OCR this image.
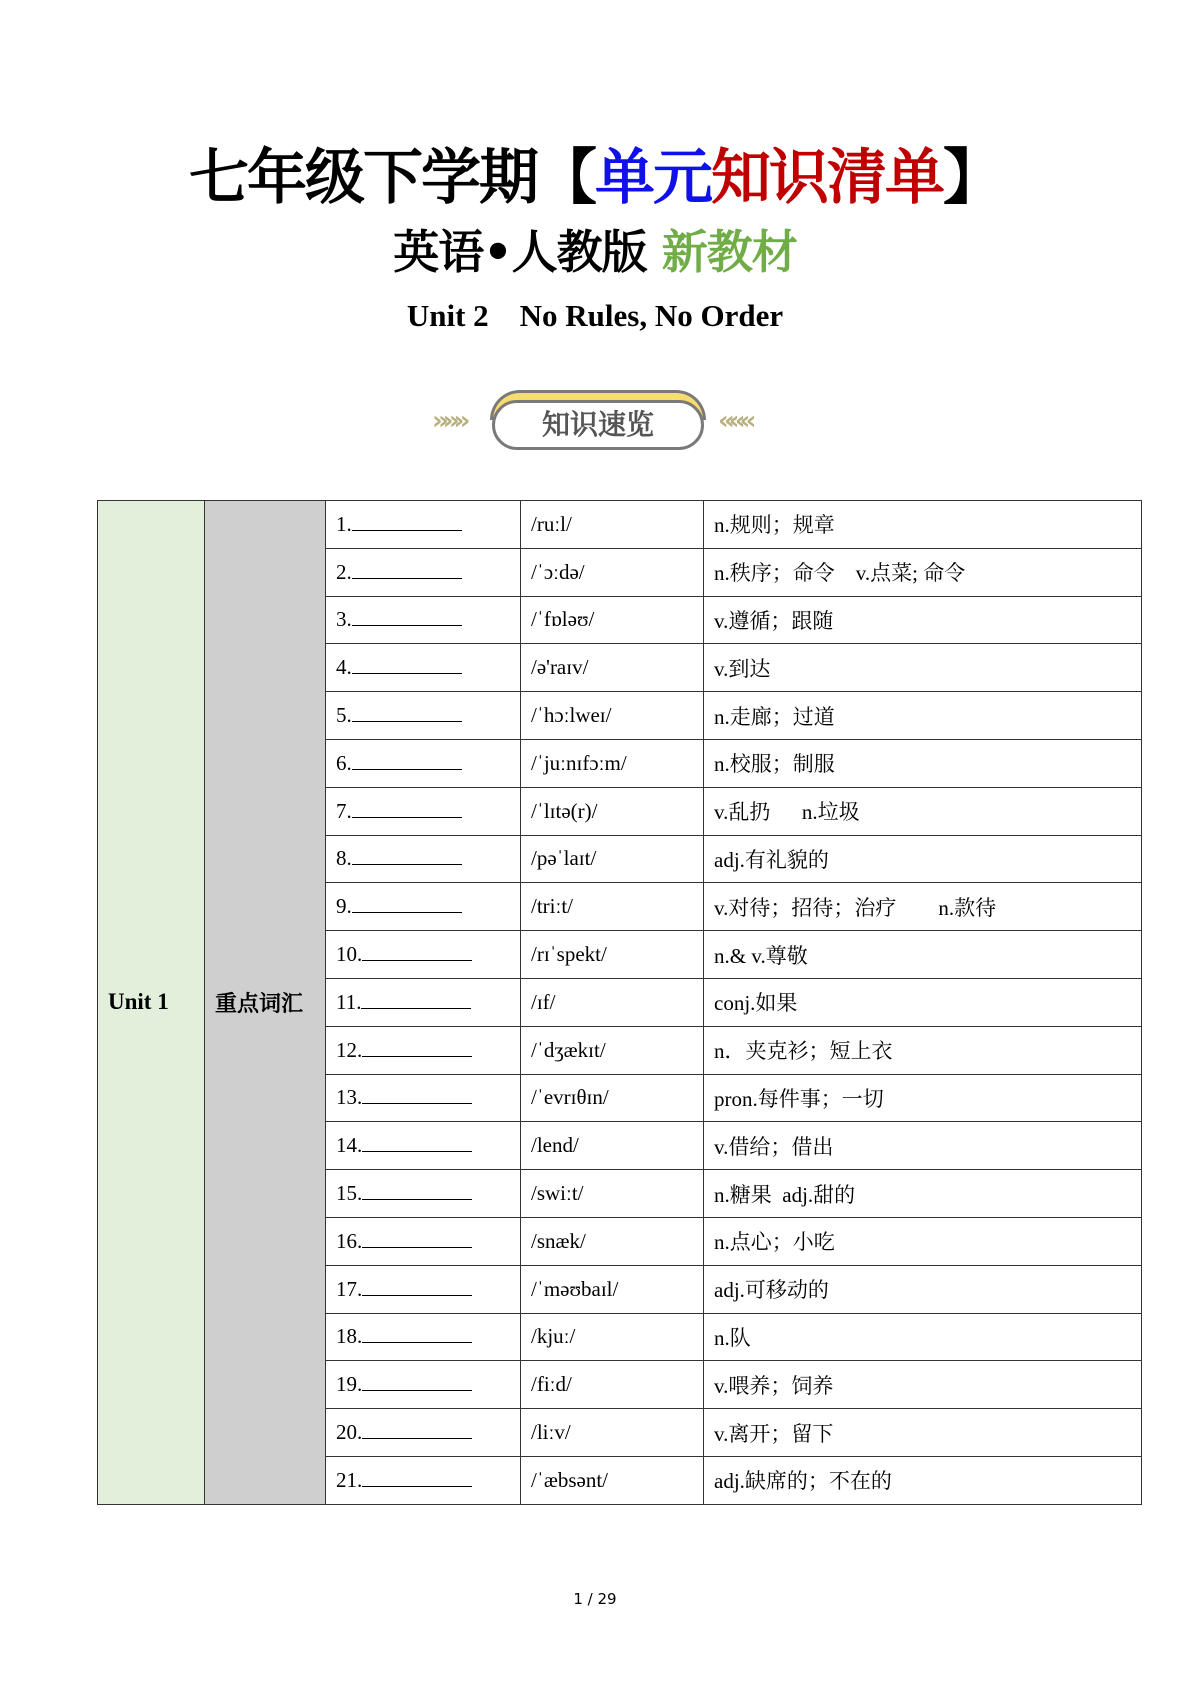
七年级下学期【单元知识清单】
英语•人教版 新教材
Unit 2    No Rules, No Order
»»»	知识速览	«««
Unit 1	重点词汇	1.	/ruːl/	n.规则；规章
		2.	/ˈɔːdə/	n.秩序；命令    v.点菜; 命令
		3.	/ˈfɒləʊ/	v.遵循；跟随
		4.	/ə'raɪv/	v.到达
		5.	/ˈhɔːlweɪ/	n.走廊；过道
		6.	/ˈjuːnɪfɔːm/	n.校服；制服
		7.	/ˈlɪtə(r)/	v.乱扔      n.垃圾
		8.	/pəˈlaɪt/	adj.有礼貌的
		9.	/triːt/	v.对待；招待；治疗        n.款待
		10.	/rɪˈspekt/	n.& v.尊敬
		11.	/ɪf/	conj.如果
		12.	/ˈdʒækɪt/	n．夹克衫；短上衣
		13.	/ˈevrɪθɪn/	pron.每件事；一切
		14.	/lend/	v.借给；借出
		15.	/swiːt/	n.糖果  adj.甜的
		16.	/snæk/	n.点心；小吃
		17.	/ˈməʊbaɪl/	adj.可移动的
		18.	/kjuː/	n.队
		19.	/fiːd/	v.喂养；饲养
		20.	/liːv/	v.离开；留下
		21.	/ˈæbsənt/	adj.缺席的；不在的
1 / 29
